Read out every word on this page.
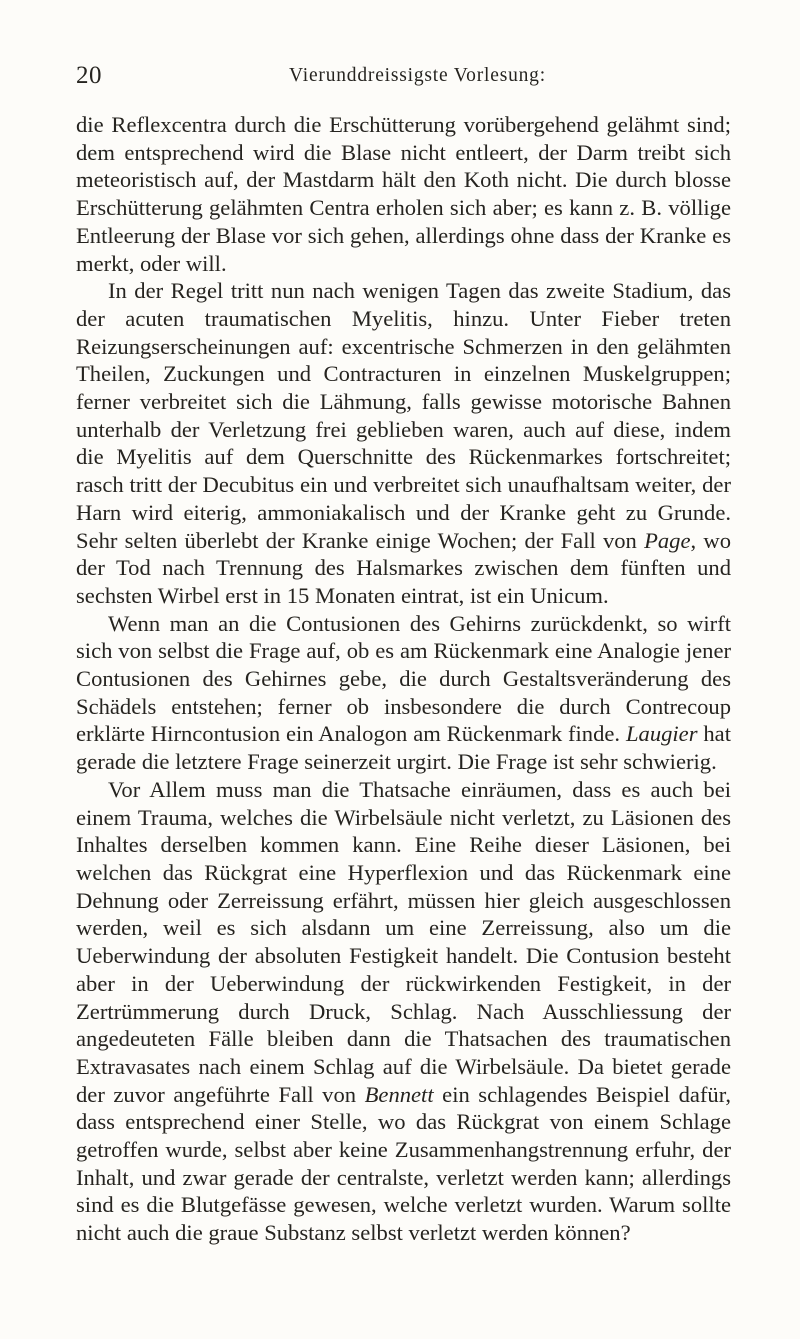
20	Vierunddreissigste Vorlesung:

die Reflexcentra durch die Erschütterung vorübergehend gelähmt sind; dem entsprechend wird die Blase nicht entleert, der Darm treibt sich meteoristisch auf, der Mastdarm hält den Koth nicht. Die durch blosse Erschütterung gelähmten Centra erholen sich aber; es kann z. B. völlige Entleerung der Blase vor sich gehen, allerdings ohne dass der Kranke es merkt, oder will.

In der Regel tritt nun nach wenigen Tagen das zweite Stadium, das der acuten traumatischen Myelitis, hinzu. Unter Fieber treten Reizungserscheinungen auf: excentrische Schmerzen in den gelähmten Theilen, Zuckungen und Contracturen in einzelnen Muskelgruppen; ferner verbreitet sich die Lähmung, falls gewisse motorische Bahnen unterhalb der Verletzung frei geblieben waren, auch auf diese, indem die Myelitis auf dem Querschnitte des Rückenmarkes fortschreitet; rasch tritt der Decubitus ein und verbreitet sich unaufhaltsam weiter, der Harn wird eiterig, ammoniakalisch und der Kranke geht zu Grunde. Sehr selten überlebt der Kranke einige Wochen; der Fall von Page, wo der Tod nach Trennung des Halsmarkes zwischen dem fünften und sechsten Wirbel erst in 15 Monaten eintrat, ist ein Unicum.

Wenn man an die Contusionen des Gehirns zurückdenkt, so wirft sich von selbst die Frage auf, ob es am Rückenmark eine Analogie jener Contusionen des Gehirnes gebe, die durch Gestaltsveränderung des Schädels entstehen; ferner ob insbesondere die durch Contrecoup erklärte Hirncontusion ein Analogon am Rückenmark finde. Laugier hat gerade die letztere Frage seinerzeit urgirt. Die Frage ist sehr schwierig.

Vor Allem muss man die Thatsache einräumen, dass es auch bei einem Trauma, welches die Wirbelsäule nicht verletzt, zu Läsionen des Inhaltes derselben kommen kann. Eine Reihe dieser Läsionen, bei welchen das Rückgrat eine Hyperflexion und das Rückenmark eine Dehnung oder Zerreissung erfährt, müssen hier gleich ausgeschlossen werden, weil es sich alsdann um eine Zerreissung, also um die Ueberwindung der absoluten Festigkeit handelt. Die Contusion besteht aber in der Ueberwindung der rückwirkenden Festigkeit, in der Zertrümmerung durch Druck, Schlag. Nach Ausschliessung der angedeuteten Fälle bleiben dann die Thatsachen des traumatischen Extravasates nach einem Schlag auf die Wirbelsäule. Da bietet gerade der zuvor angeführte Fall von Bennett ein schlagendes Beispiel dafür, dass entsprechend einer Stelle, wo das Rückgrat von einem Schlage getroffen wurde, selbst aber keine Zusammenhangstrennung erfuhr, der Inhalt, und zwar gerade der centralste, verletzt werden kann; allerdings sind es die Blutgefässe gewesen, welche verletzt wurden. Warum sollte nicht auch die graue Substanz selbst verletzt werden können?
